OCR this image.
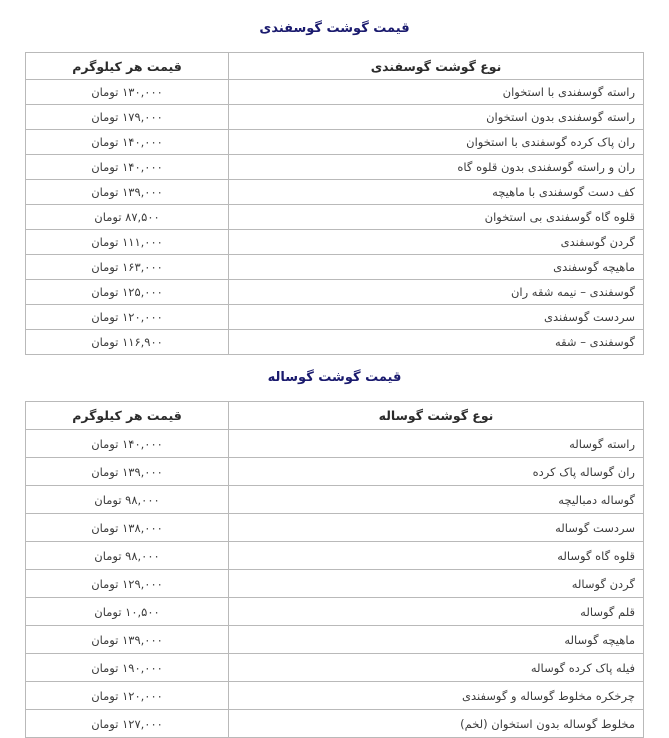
قیمت گوشت گوسفندی
نوع گوشت گوسفندی	قیمت هر کیلوگرم
راسته گوسفندی با استخوان	۱۳۰,۰۰۰ تومان
راسته گوسفندی بدون استخوان	۱۷۹,۰۰۰ تومان
ران پاک کرده گوسفندی با استخوان	۱۴۰,۰۰۰ تومان
ران و راسته گوسفندی بدون قلوه گاه	۱۴۰,۰۰۰ تومان
کف دست گوسفندی با ماهیچه	۱۳۹,۰۰۰ تومان
قلوه گاه گوسفندی بی استخوان	۸۷,۵۰۰ تومان
گردن گوسفندی	۱۱۱,۰۰۰ تومان
ماهیچه گوسفندی	۱۶۳,۰۰۰ تومان
گوسفندی – نیمه شقه ران	۱۲۵,۰۰۰ تومان
سردست گوسفندی	۱۲۰,۰۰۰ تومان
گوسفندی – شقه	۱۱۶,۹۰۰ تومان
قیمت گوشت گوساله
نوع گوشت گوساله	قیمت هر کیلوگرم
راسته گوساله	۱۴۰,۰۰۰ تومان
ران گوساله پاک کرده	۱۳۹,۰۰۰ تومان
گوساله دمبالیچه	۹۸,۰۰۰ تومان
سردست گوساله	۱۳۸,۰۰۰ تومان
قلوه گاه گوساله	۹۸,۰۰۰ تومان
گردن گوساله	۱۲۹,۰۰۰ تومان
قلم گوساله	۱۰,۵۰۰ تومان
ماهیچه گوساله	۱۳۹,۰۰۰ تومان
فیله پاک کرده گوساله	۱۹۰,۰۰۰ تومان
چرخکره مخلوط گوساله و گوسفندی	۱۲۰,۰۰۰ تومان
مخلوط گوساله بدون استخوان (لخم)	۱۲۷,۰۰۰ تومان
